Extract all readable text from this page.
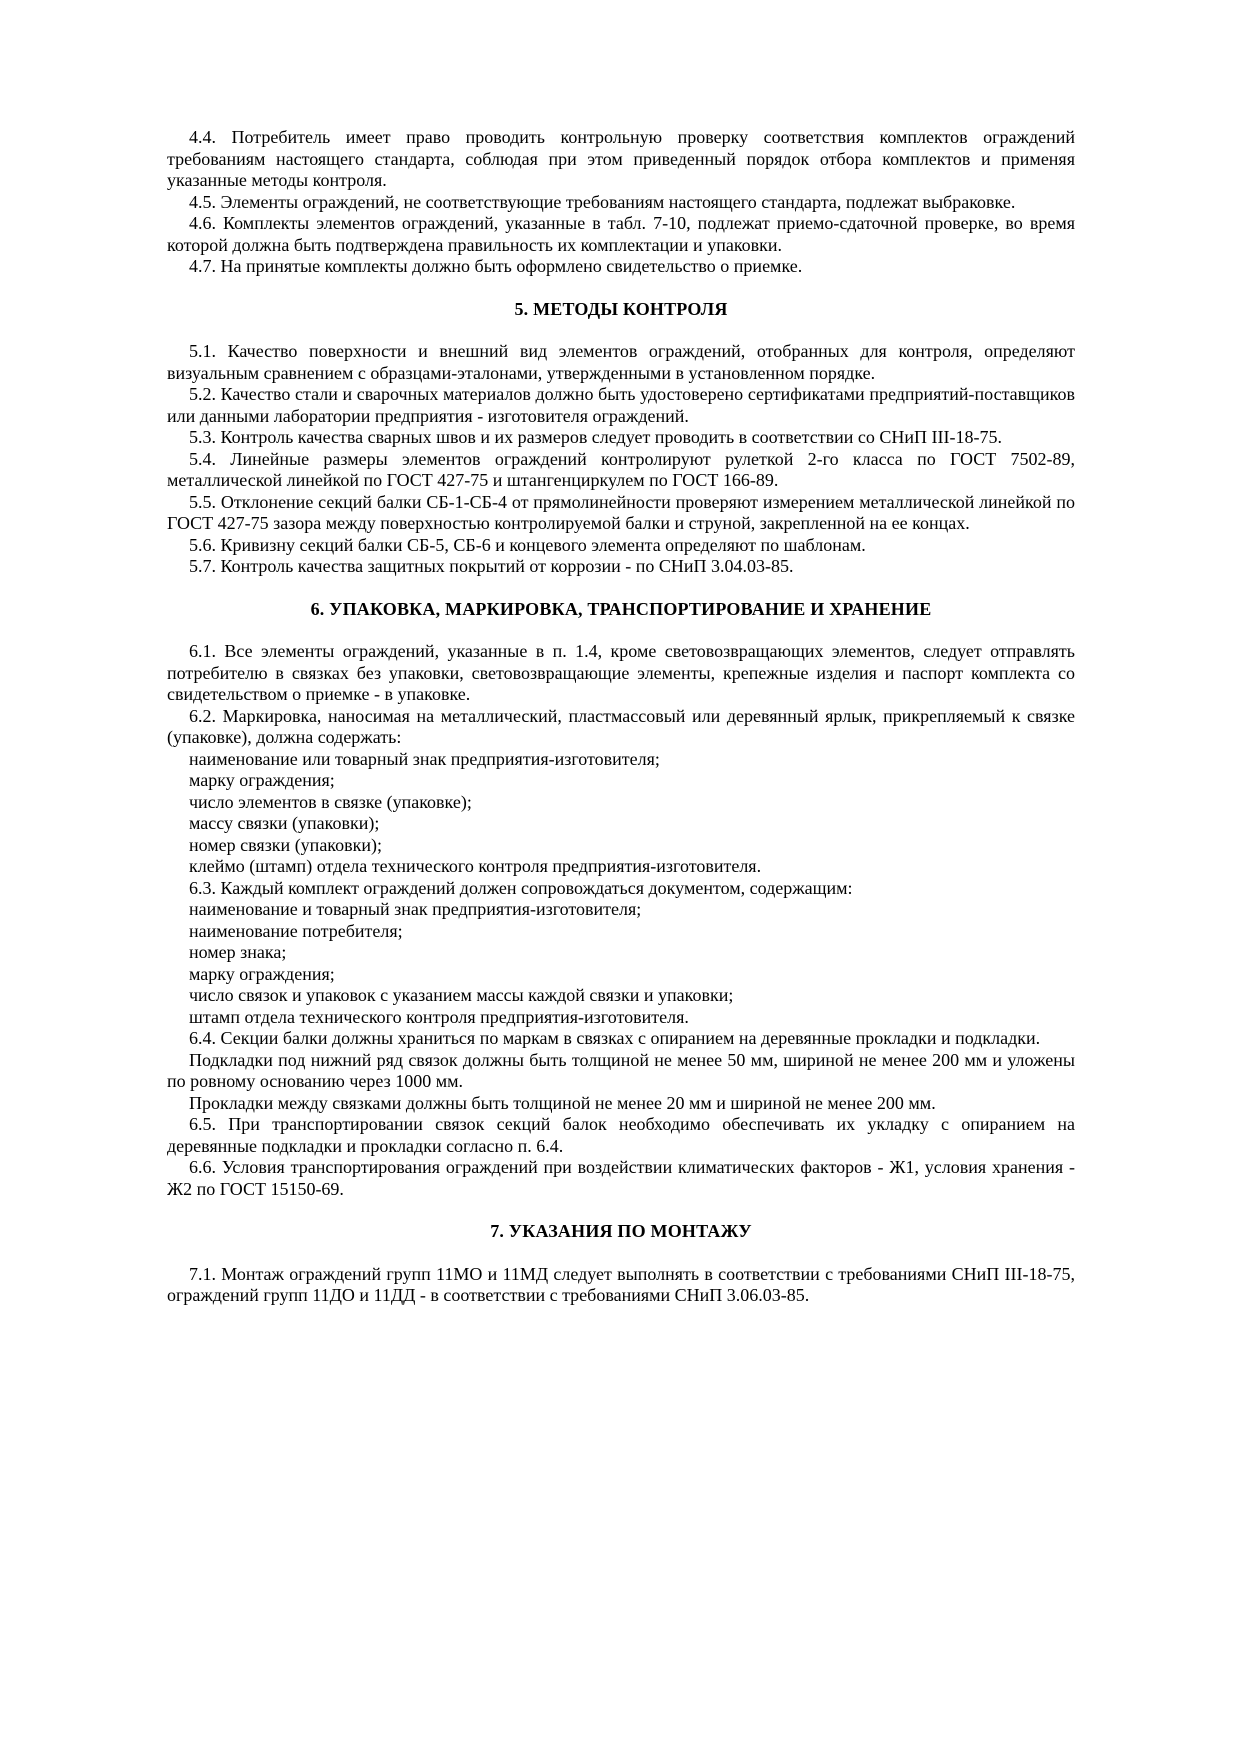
4.4. Потребитель имеет право проводить контрольную проверку соответствия комплектов ограждений требованиям настоящего стандарта, соблюдая при этом приведенный порядок отбора комплектов и применяя указанные методы контроля.

4.5. Элементы ограждений, не соответствующие требованиям настоящего стандарта, подлежат выбраковке.

4.6. Комплекты элементов ограждений, указанные в табл. 7-10, подлежат приемо-сдаточной проверке, во время которой должна быть подтверждена правильность их комплектации и упаковки.

4.7. На принятые комплекты должно быть оформлено свидетельство о приемке.

5. МЕТОДЫ КОНТРОЛЯ

5.1. Качество поверхности и внешний вид элементов ограждений, отобранных для контроля, определяют визуальным сравнением с образцами-эталонами, утвержденными в установленном порядке.

5.2. Качество стали и сварочных материалов должно быть удостоверено сертификатами предприятий-поставщиков или данными лаборатории предприятия - изготовителя ограждений.

5.3. Контроль качества сварных швов и их размеров следует проводить в соответствии со СНиП III-18-75.

5.4. Линейные размеры элементов ограждений контролируют рулеткой 2-го класса по ГОСТ 7502-89, металлической линейкой по ГОСТ 427-75 и штангенциркулем по ГОСТ 166-89.

5.5. Отклонение секций балки СБ-1-СБ-4 от прямолинейности проверяют измерением металлической линейкой по ГОСТ 427-75 зазора между поверхностью контролируемой балки и струной, закрепленной на ее концах.

5.6. Кривизну секций балки СБ-5, СБ-6 и концевого элемента определяют по шаблонам.

5.7. Контроль качества защитных покрытий от коррозии - по СНиП 3.04.03-85.

6. УПАКОВКА, МАРКИРОВКА, ТРАНСПОРТИРОВАНИЕ И ХРАНЕНИЕ

6.1. Все элементы ограждений, указанные в п. 1.4, кроме световозвращающих элементов, следует отправлять потребителю в связках без упаковки, световозвращающие элементы, крепежные изделия и паспорт комплекта со свидетельством о приемке - в упаковке.

6.2. Маркировка, наносимая на металлический, пластмассовый или деревянный ярлык, прикрепляемый к связке (упаковке), должна содержать:

наименование или товарный знак предприятия-изготовителя;

марку ограждения;

число элементов в связке (упаковке);

массу связки (упаковки);

номер связки (упаковки);

клеймо (штамп) отдела технического контроля предприятия-изготовителя.

6.3. Каждый комплект ограждений должен сопровождаться документом, содержащим:

наименование и товарный знак предприятия-изготовителя;

наименование потребителя;

номер знака;

марку ограждения;

число связок и упаковок с указанием массы каждой связки и упаковки;

штамп отдела технического контроля предприятия-изготовителя.

6.4. Секции балки должны храниться по маркам в связках с опиранием на деревянные прокладки и подкладки.

Подкладки под нижний ряд связок должны быть толщиной не менее 50 мм, шириной не менее 200 мм и уложены по ровному основанию через 1000 мм.

Прокладки между связками должны быть толщиной не менее 20 мм и шириной не менее 200 мм.

6.5. При транспортировании связок секций балок необходимо обеспечивать их укладку с опиранием на деревянные подкладки и прокладки согласно п. 6.4.

6.6. Условия транспортирования ограждений при воздействии климатических факторов - Ж1, условия хранения - Ж2 по ГОСТ 15150-69.

7. УКАЗАНИЯ ПО МОНТАЖУ

7.1. Монтаж ограждений групп 11МО и 11МД следует выполнять в соответствии с требованиями СНиП III-18-75, ограждений групп 11ДО и 11ДД - в соответствии с требованиями СНиП 3.06.03-85.
